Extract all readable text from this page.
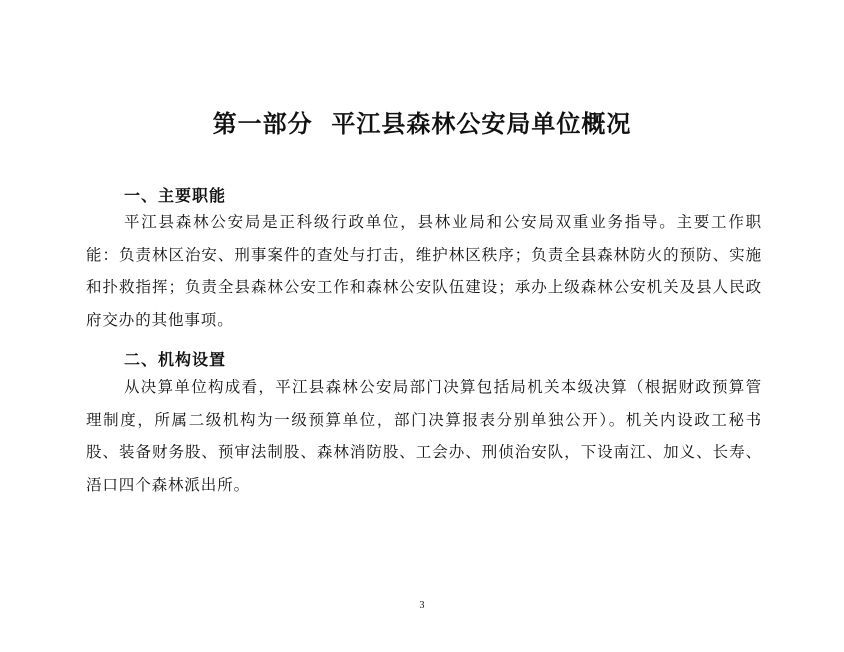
第一部分  平江县森林公安局单位概况
一、主要职能
平江县森林公安局是正科级行政单位，县林业局和公安局双重业务指导。主要工作职能：负责林区治安、刑事案件的查处与打击，维护林区秩序；负责全县森林防火的预防、实施和扑救指挥；负责全县森林公安工作和森林公安队伍建设；承办上级森林公安机关及县人民政府交办的其他事项。
二、机构设置
从决算单位构成看，平江县森林公安局部门决算包括局机关本级决算（根据财政预算管理制度，所属二级机构为一级预算单位，部门决算报表分别单独公开）。机关内设政工秘书股、装备财务股、预审法制股、森林消防股、工会办、刑侦治安队，下设南江、加义、长寿、浯口四个森林派出所。
3
